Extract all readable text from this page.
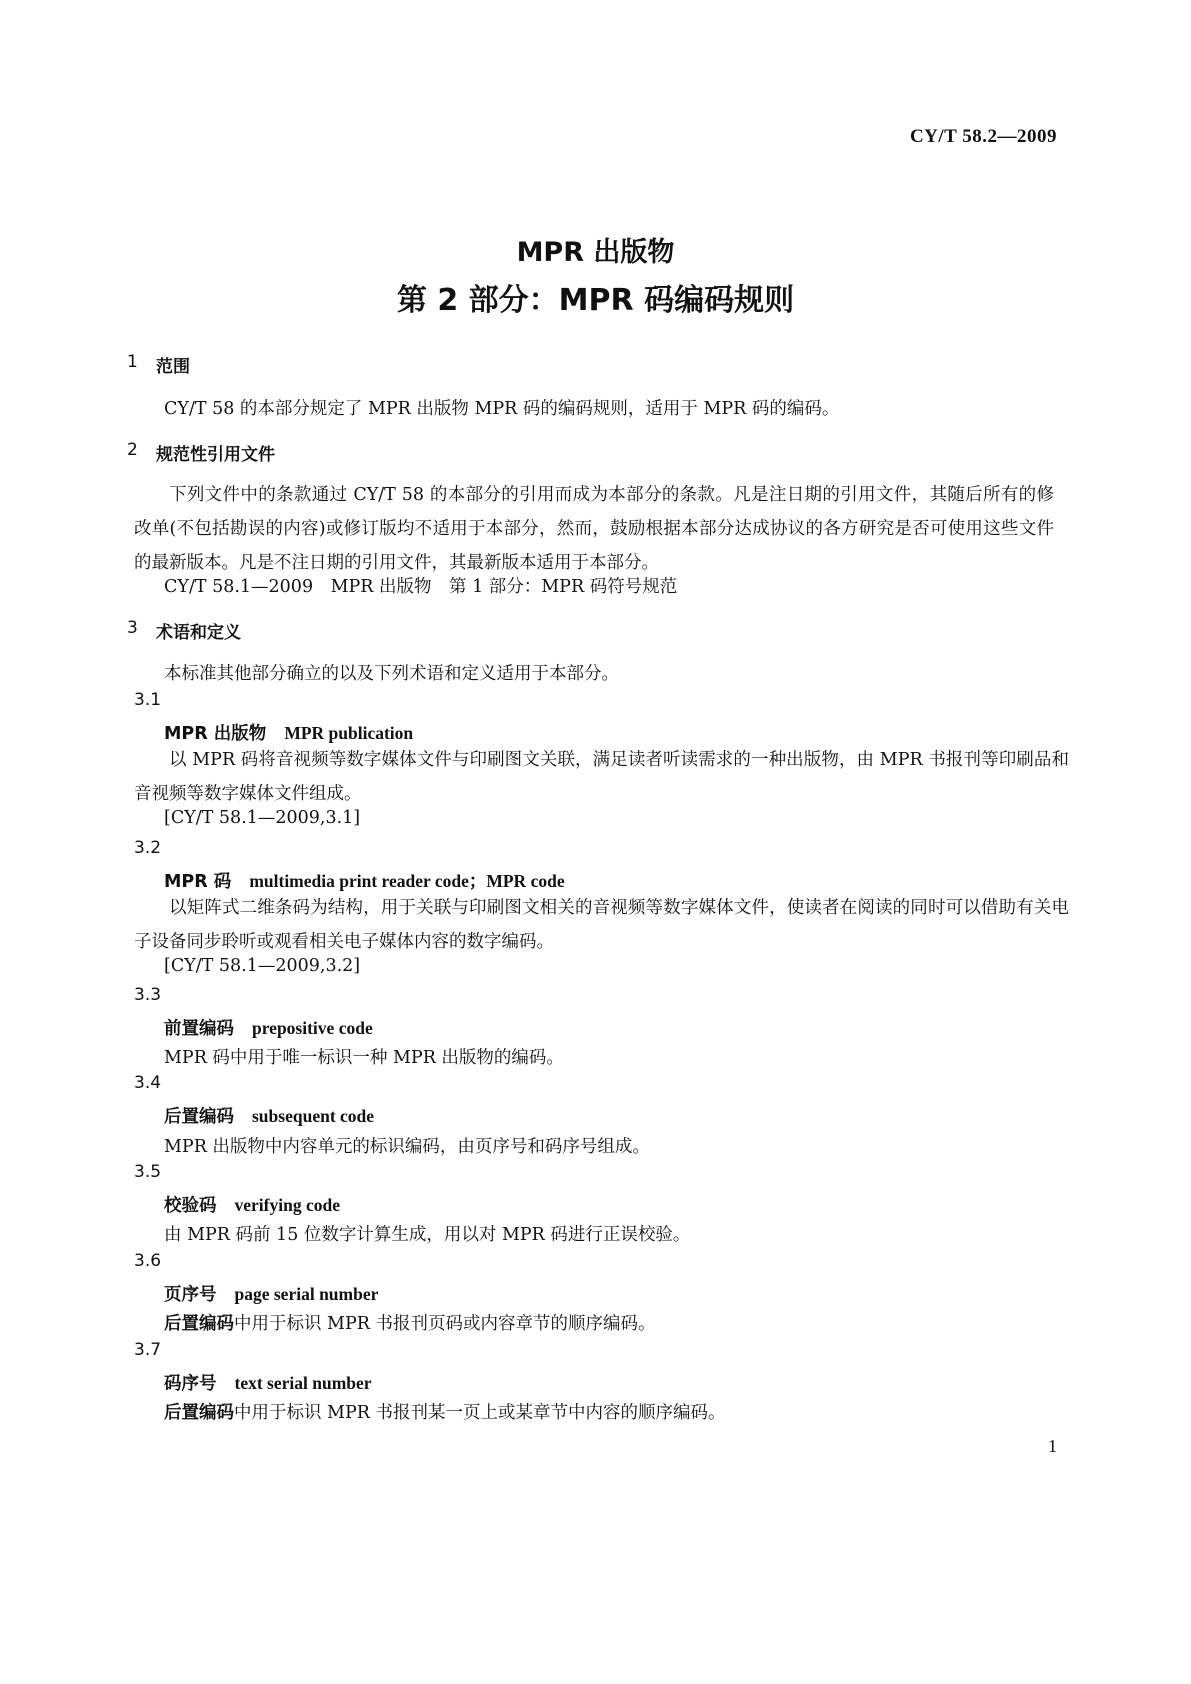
CY/T 58.2—2009
MPR 出版物
第 2 部分：MPR 码编码规则
1 范围
CY/T 58 的本部分规定了 MPR 出版物 MPR 码的编码规则，适用于 MPR 码的编码。
2 规范性引用文件
下列文件中的条款通过 CY/T 58 的本部分的引用而成为本部分的条款。凡是注日期的引用文件，其随后所有的修改单(不包括勘误的内容)或修订版均不适用于本部分，然而，鼓励根据本部分达成协议的各方研究是否可使用这些文件的最新版本。凡是不注日期的引用文件，其最新版本适用于本部分。
CY/T 58.1—2009　MPR 出版物　第 1 部分：MPR 码符号规范
3 术语和定义
本标准其他部分确立的以及下列术语和定义适用于本部分。
3.1
MPR 出版物 MPR publication
以 MPR 码将音视频等数字媒体文件与印刷图文关联，满足读者听读需求的一种出版物，由 MPR 书报刊等印刷品和音视频等数字媒体文件组成。
[CY/T 58.1—2009,3.1]
3.2
MPR 码 multimedia print reader code；MPR code
以矩阵式二维条码为结构，用于关联与印刷图文相关的音视频等数字媒体文件，使读者在阅读的同时可以借助有关电子设备同步聆听或观看相关电子媒体内容的数字编码。
[CY/T 58.1—2009,3.2]
3.3
前置编码 prepositive code
MPR 码中用于唯一标识一种 MPR 出版物的编码。
3.4
后置编码 subsequent code
MPR 出版物中内容单元的标识编码，由页序号和码序号组成。
3.5
校验码 verifying code
由 MPR 码前 15 位数字计算生成，用以对 MPR 码进行正误校验。
3.6
页序号 page serial number
后置编码中用于标识 MPR 书报刊页码或内容章节的顺序编码。
3.7
码序号 text serial number
后置编码中用于标识 MPR 书报刊某一页上或某章节中内容的顺序编码。
1
